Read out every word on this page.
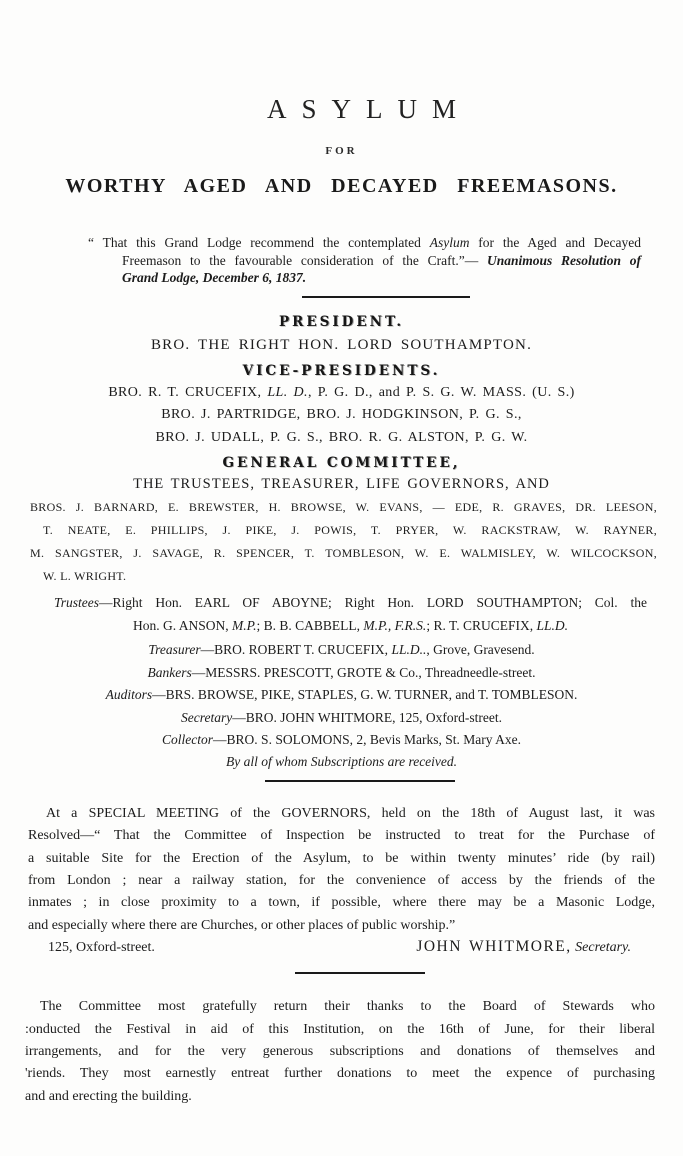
ASYLUM
FOR
WORTHY AGED AND DECAYED FREEMASONS.
“ That this Grand Lodge recommend the contemplated Asylum for the Aged and Decayed
Freemason to the favourable consideration of the Craft.”— Unanimous Resolution of
Grand Lodge, December 6, 1837.
PRESIDENT.
BRO. THE RIGHT HON. LORD SOUTHAMPTON.
VICE-PRESIDENTS.
BRO. R. T. CRUCEFIX, LL. D., P. G. D., and P. S. G. W. MASS. (U. S.)
BRO. J. PARTRIDGE, BRO. J. HODGKINSON, P. G. S.,
BRO. J. UDALL, P. G. S., BRO. R. G. ALSTON, P. G. W.
GENERAL COMMITTEE,
THE TRUSTEES, TREASURER, LIFE GOVERNORS, AND
BROS. J. BARNARD, E. BREWSTER, H. BROWSE, W. EVANS, — EDE, R. GRAVES, DR. LEESON,
T. NEATE, E. PHILLIPS, J. PIKE, J. POWIS, T. PRYER, W. RACKSTRAW, W. RAYNER,
M. SANGSTER, J. SAVAGE, R. SPENCER, T. TOMBLESON, W. E. WALMISLEY, W. WILCOCKSON,
W. L. WRIGHT.
Trustees—Right Hon. EARL OF ABOYNE; Right Hon. LORD SOUTHAMPTON; Col. the
Hon. G. ANSON, M.P.; B. B. CABBELL, M.P., F.R.S.; R. T. CRUCEFIX, LL.D.
Treasurer—BRO. ROBERT T. CRUCEFIX, LL.D.., Grove, Gravesend.
Bankers—MESSRS. PRESCOTT, GROTE & Co., Threadneedle-street.
Auditors—BRS. BROWSE, PIKE, STAPLES, G. W. TURNER, and T. TOMBLESON.
Secretary—BRO. JOHN WHITMORE, 125, Oxford-street.
Collector—BRO. S. SOLOMONS, 2, Bevis Marks, St. Mary Axe.
By all of whom Subscriptions are received.
At a SPECIAL MEETING of the GOVERNORS, held on the 18th of August last, it was
Resolved—“ That the Committee of Inspection be instructed to treat for the Purchase of
a suitable Site for the Erection of the Asylum, to be within twenty minutes’ ride (by rail)
from London ; near a railway station, for the convenience of access by the friends of the
inmates ; in close proximity to a town, if possible, where there may be a Masonic Lodge,
and especially where there are Churches, or other places of public worship.”
125, Oxford-street.	JOHN WHITMORE, Secretary.
The Committee most gratefully return their thanks to the Board of Stewards who
:onducted the Festival in aid of this Institution, on the 16th of June, for their liberal
irrangements, and for the very generous subscriptions and donations of themselves and
'riends. They most earnestly entreat further donations to meet the expence of purchasing
and and erecting the building.
